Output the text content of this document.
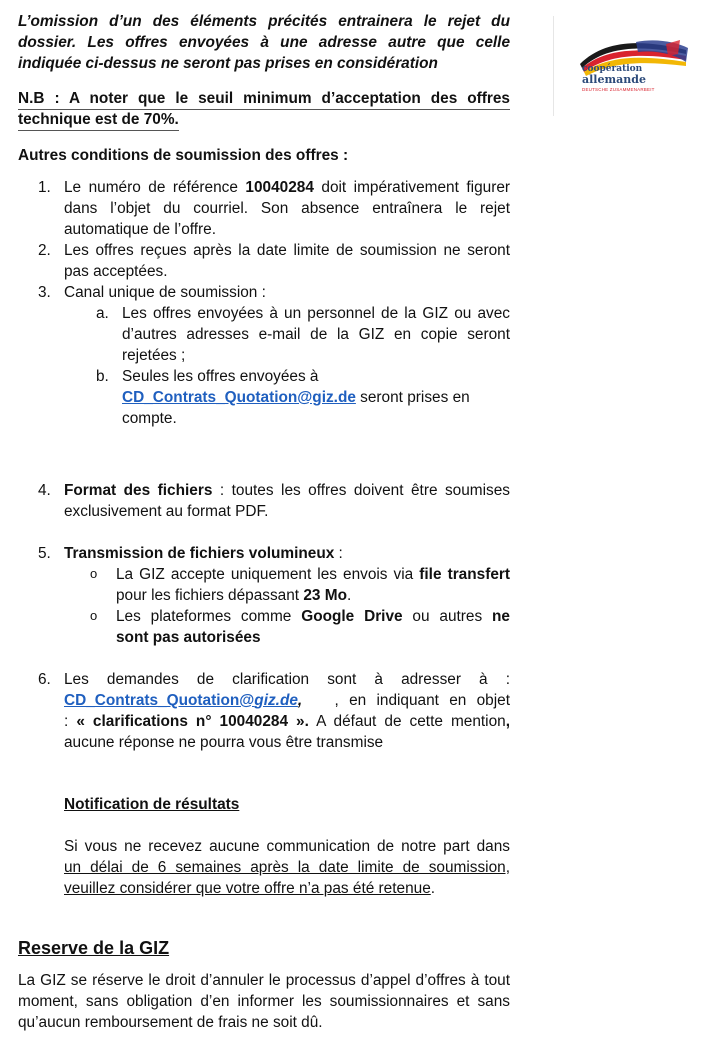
coopération
allemande
DEUTSCHE ZUSAMMENARBEIT
L’omission d’un des éléments précités entrainera le rejet du
dossier. Les offres envoyées à une adresse autre que celle
indiquée ci-dessus ne seront pas prises en considération
N.B : A noter que le seuil minimum d’acceptation des offres
technique est de 70%.
Autres conditions de soumission des offres :
1. Le numéro de référence 10040284 doit impérativement figurer
dans l’objet du courriel. Son absence entraînera le rejet
automatique de l’offre.
2. Les offres reçues après la date limite de soumission ne seront
pas acceptées.
3. Canal unique de soumission :
a. Les offres envoyées à un personnel de la GIZ ou avec
d’autres adresses e-mail de la GIZ en copie seront
rejetées ;
b. Seules les offres envoyées à
CD_Contrats_Quotation@giz.de seront prises en
compte.
4. Format des fichiers : toutes les offres doivent être soumises
exclusivement au format PDF.
5. Transmission de fichiers volumineux :
o La GIZ accepte uniquement les envois via file transfert
pour les fichiers dépassant 23 Mo.
o Les plateformes comme Google Drive ou autres ne
sont pas autorisées
6. Les demandes de clarification sont à adresser à :
CD_Contrats_Quotation@giz.de, , en indiquant en objet
: « clarifications n° 10040284 ». A défaut de cette mention,
aucune réponse ne pourra vous être transmise
Notification de résultats
Si vous ne recevez aucune communication de notre part dans
un délai de 6 semaines après la date limite de soumission,
veuillez considérer que votre offre n’a pas été retenue.
Reserve de la GIZ
La GIZ se réserve le droit d’annuler le processus d’appel d’offres à tout
moment, sans obligation d’en informer les soumissionnaires et sans
qu’aucun remboursement de frais ne soit dû.
